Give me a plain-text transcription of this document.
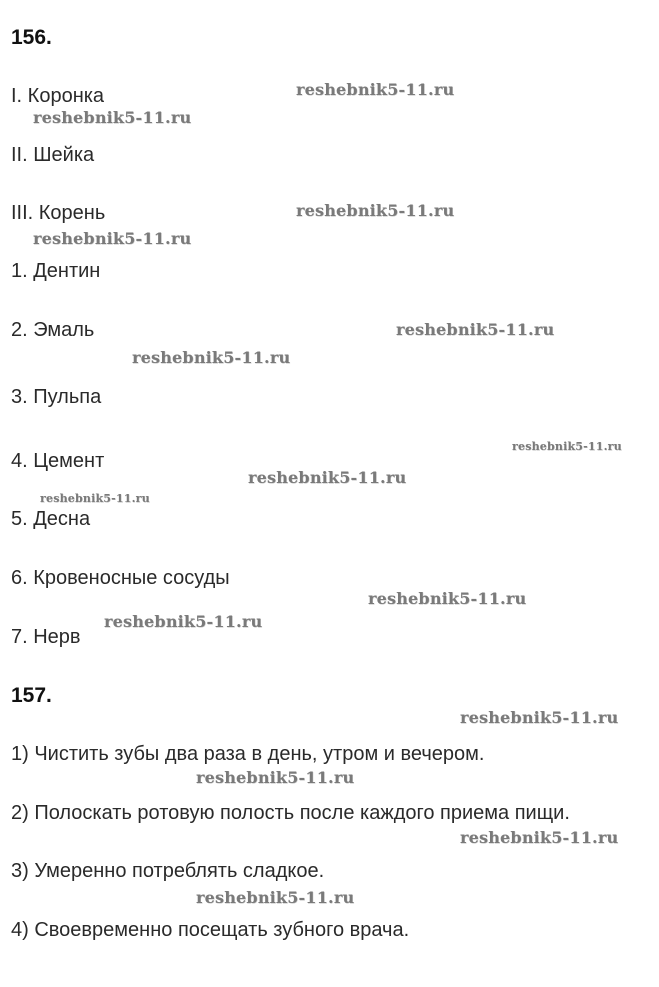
156.
I. Коронка
II. Шейка
III. Корень
1. Дентин
2. Эмаль
3. Пульпа
4. Цемент
5. Десна
6. Кровеносные сосуды
7. Нерв
157.
1) Чистить зубы два раза в день, утром и вечером.
2) Полоскать ротовую полость после каждого приема пищи.
3) Умеренно потреблять сладкое.
4) Своевременно посещать зубного врача.
reshebnik5-11.ru
reshebnik5-11.ru
reshebnik5-11.ru
reshebnik5-11.ru
reshebnik5-11.ru
reshebnik5-11.ru
reshebnik5-11.ru
reshebnik5-11.ru
reshebnik5-11.ru
reshebnik5-11.ru
reshebnik5-11.ru
reshebnik5-11.ru
reshebnik5-11.ru
reshebnik5-11.ru
reshebnik5-11.ru
